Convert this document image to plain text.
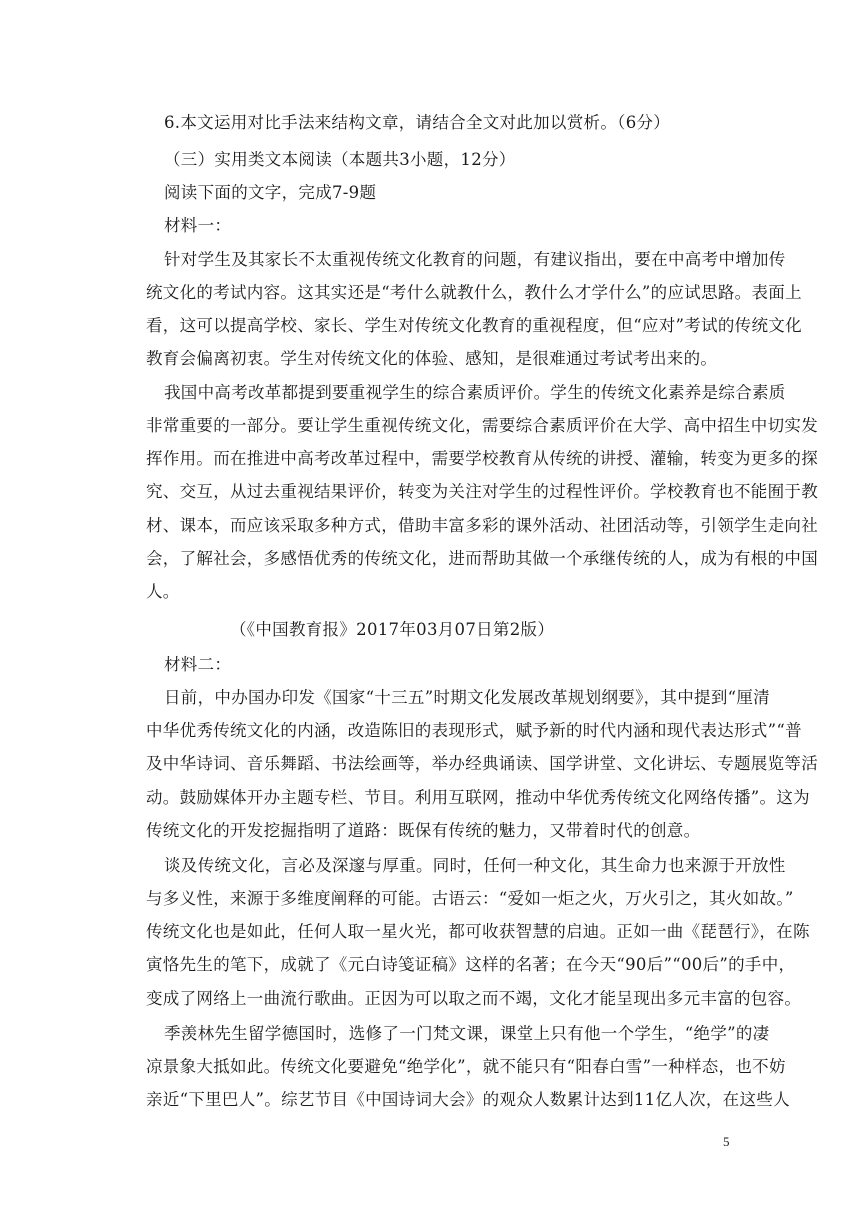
6.本文运用对比手法来结构文章，请结合全文对此加以赏析。（6分）
（三）实用类文本阅读（本题共3小题，12分）
阅读下面的文字，完成7-9题
材料一：
针对学生及其家长不太重视传统文化教育的问题，有建议指出，要在中高考中增加传
统文化的考试内容。这其实还是“考什么就教什么，教什么才学什么”的应试思路。表面上
看，这可以提高学校、家长、学生对传统文化教育的重视程度，但“应对”考试的传统文化
教育会偏离初衷。学生对传统文化的体验、感知，是很难通过考试考出来的。
我国中高考改革都提到要重视学生的综合素质评价。学生的传统文化素养是综合素质
非常重要的一部分。要让学生重视传统文化，需要综合素质评价在大学、高中招生中切实发
挥作用。而在推进中高考改革过程中，需要学校教育从传统的讲授、灌输，转变为更多的探
究、交互，从过去重视结果评价，转变为关注对学生的过程性评价。学校教育也不能囿于教
材、课本，而应该采取多种方式，借助丰富多彩的课外活动、社团活动等，引领学生走向社
会，了解社会，多感悟优秀的传统文化，进而帮助其做一个承继传统的人，成为有根的中国
人。
（《中国教育报》2017年03月07日第2版）
材料二：
日前，中办国办印发《国家“十三五”时期文化发展改革规划纲要》，其中提到“厘清
中华优秀传统文化的内涵，改造陈旧的表现形式，赋予新的时代内涵和现代表达形式”“普
及中华诗词、音乐舞蹈、书法绘画等，举办经典诵读、国学讲堂、文化讲坛、专题展览等活
动。鼓励媒体开办主题专栏、节目。利用互联网，推动中华优秀传统文化网络传播”。这为
传统文化的开发挖掘指明了道路：既保有传统的魅力，又带着时代的创意。
谈及传统文化，言必及深邃与厚重。同时，任何一种文化，其生命力也来源于开放性
与多义性，来源于多维度阐释的可能。古语云：“爱如一炬之火，万火引之，其火如故。”
传统文化也是如此，任何人取一星火光，都可收获智慧的启迪。正如一曲《琵琶行》，在陈
寅恪先生的笔下，成就了《元白诗笺证稿》这样的名著；在今天“90后”“00后”的手中，
变成了网络上一曲流行歌曲。正因为可以取之而不竭，文化才能呈现出多元丰富的包容。
季羡林先生留学德国时，选修了一门梵文课，课堂上只有他一个学生，“绝学”的凄
凉景象大抵如此。传统文化要避免“绝学化”，就不能只有“阳春白雪”一种样态，也不妨
亲近“下里巴人”。综艺节目《中国诗词大会》的观众人数累计达到11亿人次，在这些人
5
